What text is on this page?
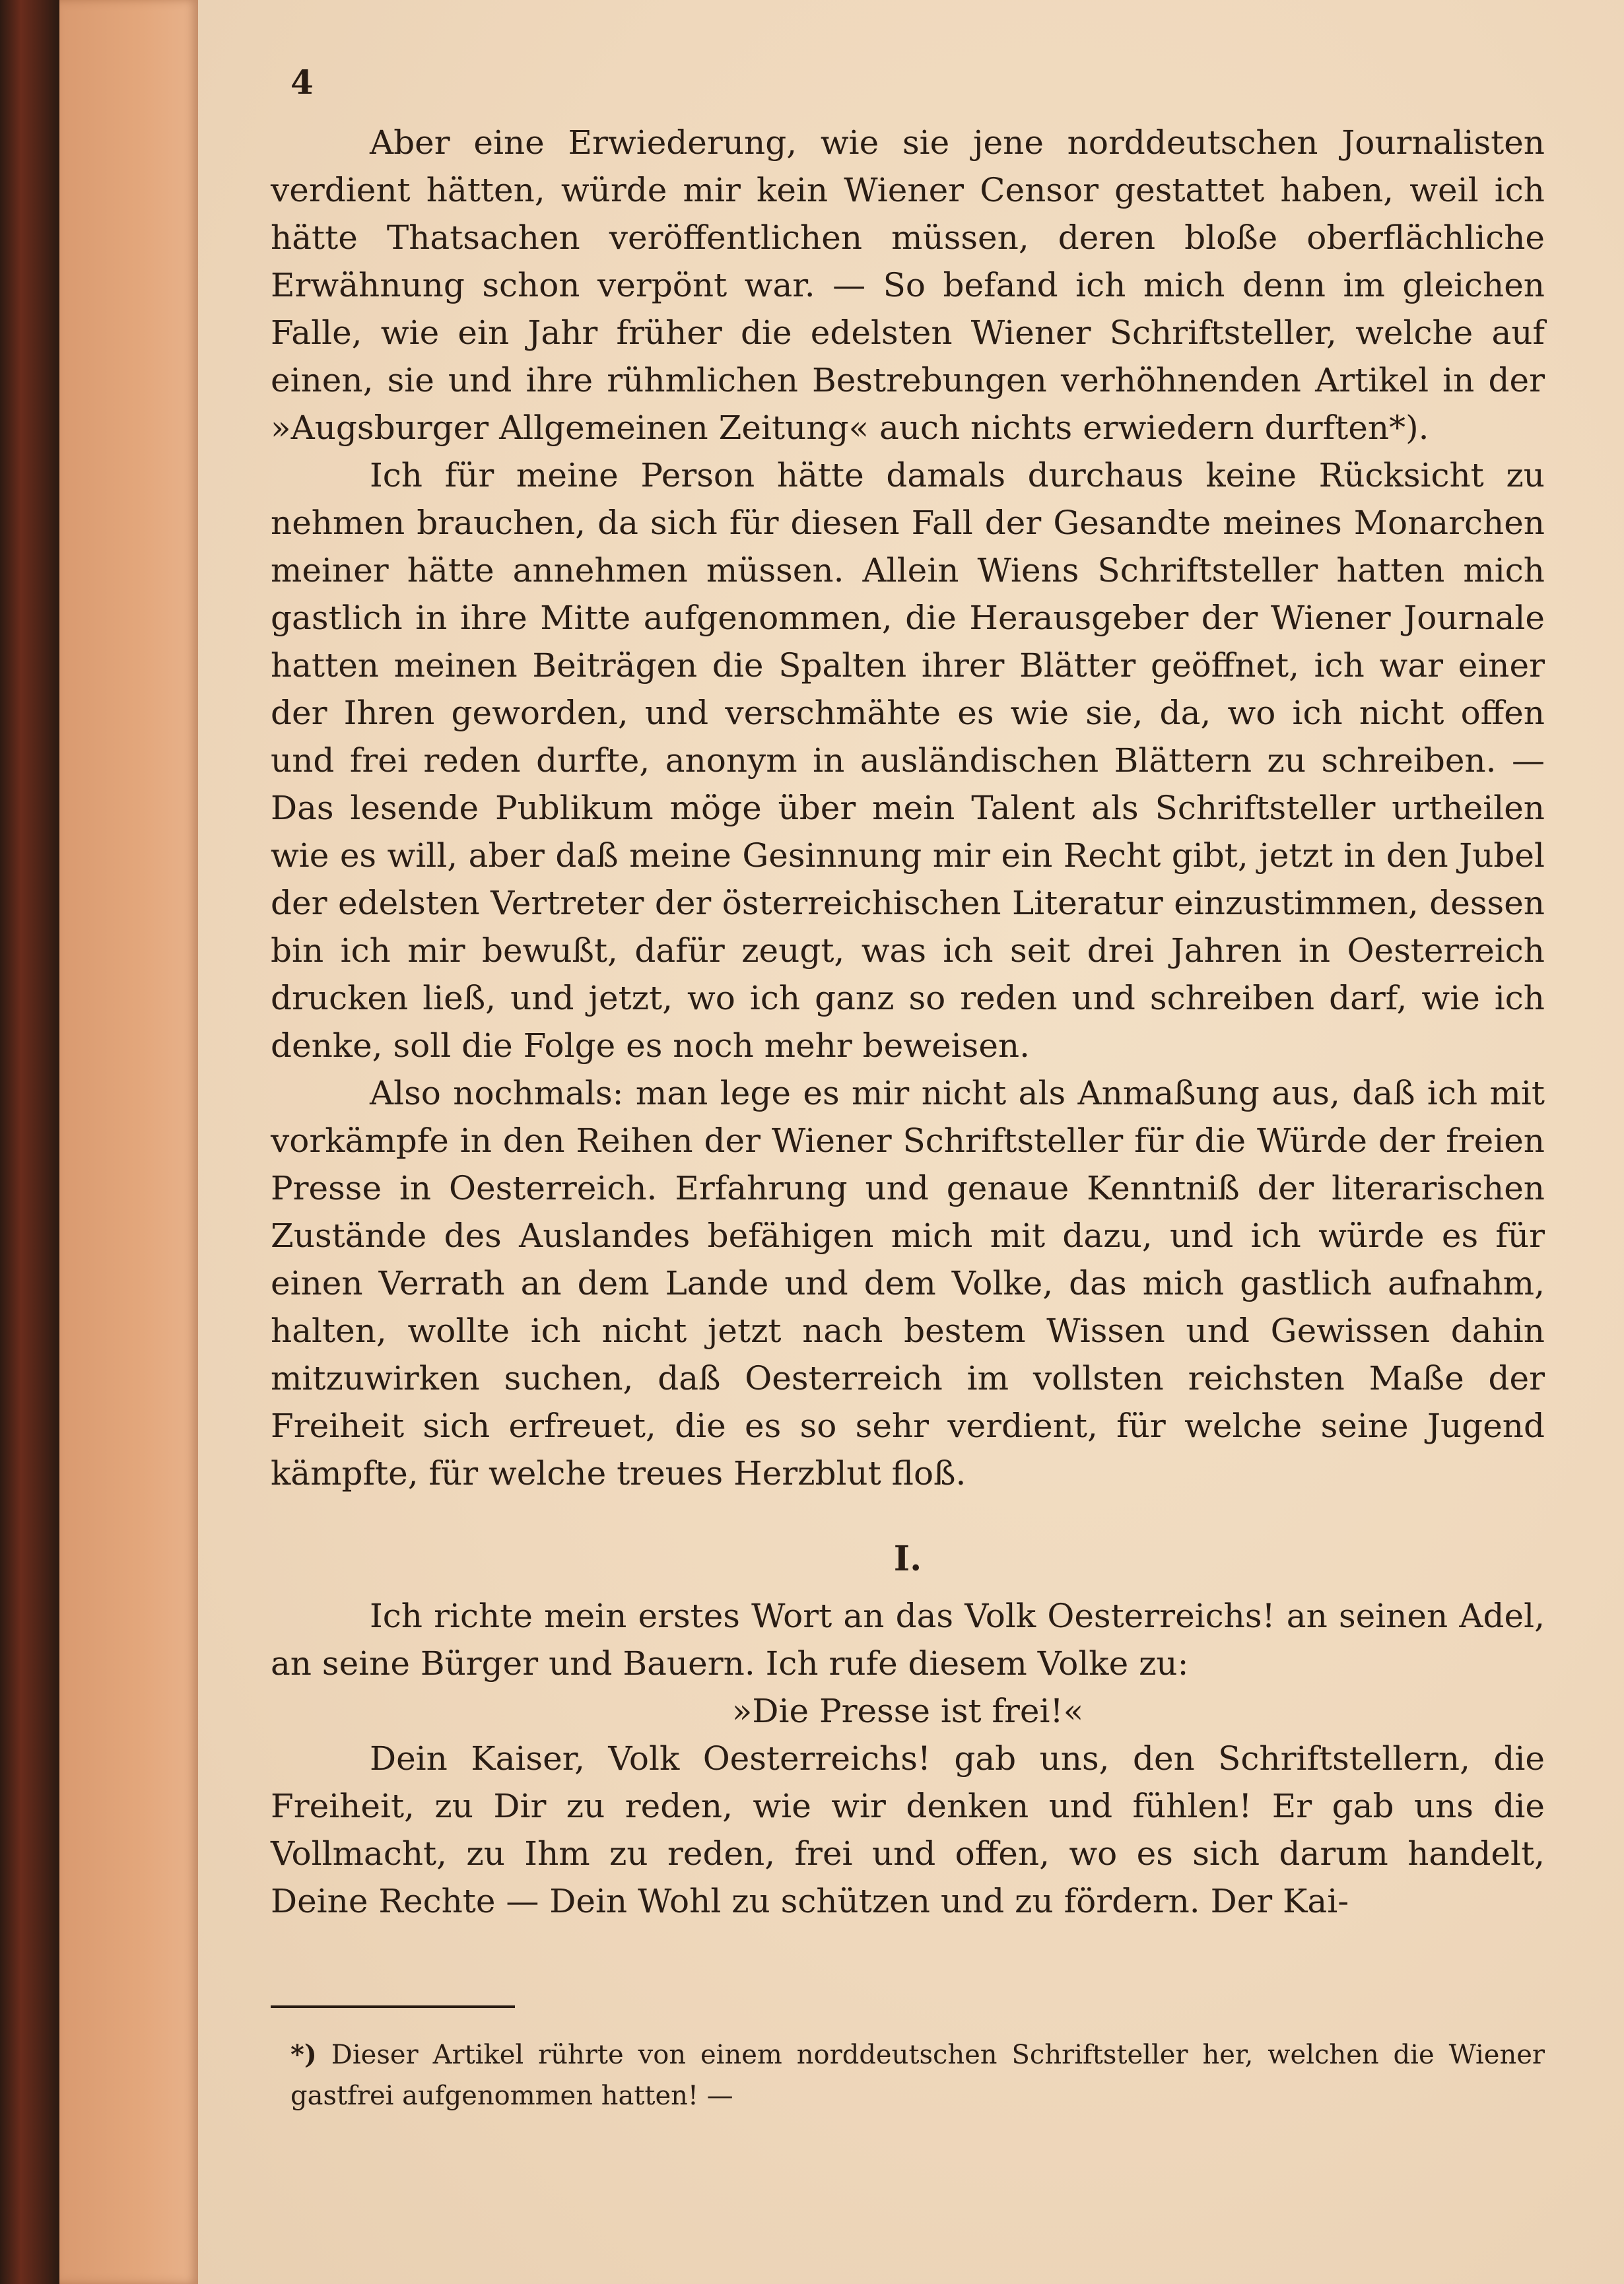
4

Aber eine Erwiederung, wie sie jene norddeutschen Journalisten verdient hätten, würde mir kein Wiener Censor gestattet haben, weil ich hätte Thatsachen veröffentlichen müssen, deren bloße oberflächliche Erwähnung schon verpönt war. — So befand ich mich denn im gleichen Falle, wie ein Jahr früher die edelsten Wiener Schriftsteller, welche auf einen, sie und ihre rühmlichen Bestrebungen verhöhnenden Artikel in der »Augsburger Allgemeinen Zeitung« auch nichts erwiedern durften*).

Ich für meine Person hätte damals durchaus keine Rücksicht zu nehmen brauchen, da sich für diesen Fall der Gesandte meines Monarchen meiner hätte annehmen müssen. Allein Wiens Schriftsteller hatten mich gastlich in ihre Mitte aufgenommen, die Herausgeber der Wiener Journale hatten meinen Beiträgen die Spalten ihrer Blätter geöffnet, ich war einer der Ihren geworden, und verschmähte es wie sie, da, wo ich nicht offen und frei reden durfte, anonym in ausländischen Blättern zu schreiben. — Das lesende Publikum möge über mein Talent als Schriftsteller urtheilen wie es will, aber daß meine Gesinnung mir ein Recht gibt, jetzt in den Jubel der edelsten Vertreter der österreichischen Literatur einzustimmen, dessen bin ich mir bewußt, dafür zeugt, was ich seit drei Jahren in Oesterreich drucken ließ, und jetzt, wo ich ganz so reden und schreiben darf, wie ich denke, soll die Folge es noch mehr beweisen.

Also nochmals: man lege es mir nicht als Anmaßung aus, daß ich mit vorkämpfe in den Reihen der Wiener Schriftsteller für die Würde der freien Presse in Oesterreich. Erfahrung und genaue Kenntniß der literarischen Zustände des Auslandes befähigen mich mit dazu, und ich würde es für einen Verrath an dem Lande und dem Volke, das mich gastlich aufnahm, halten, wollte ich nicht jetzt nach bestem Wissen und Gewissen dahin mitzuwirken suchen, daß Oesterreich im vollsten reichsten Maße der Freiheit sich erfreuet, die es so sehr verdient, für welche seine Jugend kämpfte, für welche treues Herzblut floß.

I.

Ich richte mein erstes Wort an das Volk Oesterreichs! an seinen Adel, an seine Bürger und Bauern. Ich rufe diesem Volke zu:

»Die Presse ist frei!«

Dein Kaiser, Volk Oesterreichs! gab uns, den Schriftstellern, die Freiheit, zu Dir zu reden, wie wir denken und fühlen! Er gab uns die Vollmacht, zu Ihm zu reden, frei und offen, wo es sich darum handelt, Deine Rechte — Dein Wohl zu schützen und zu fördern. Der Kai-

*) Dieser Artikel rührte von einem norddeutschen Schriftsteller her, welchen die Wiener gastfrei aufgenommen hatten! —
